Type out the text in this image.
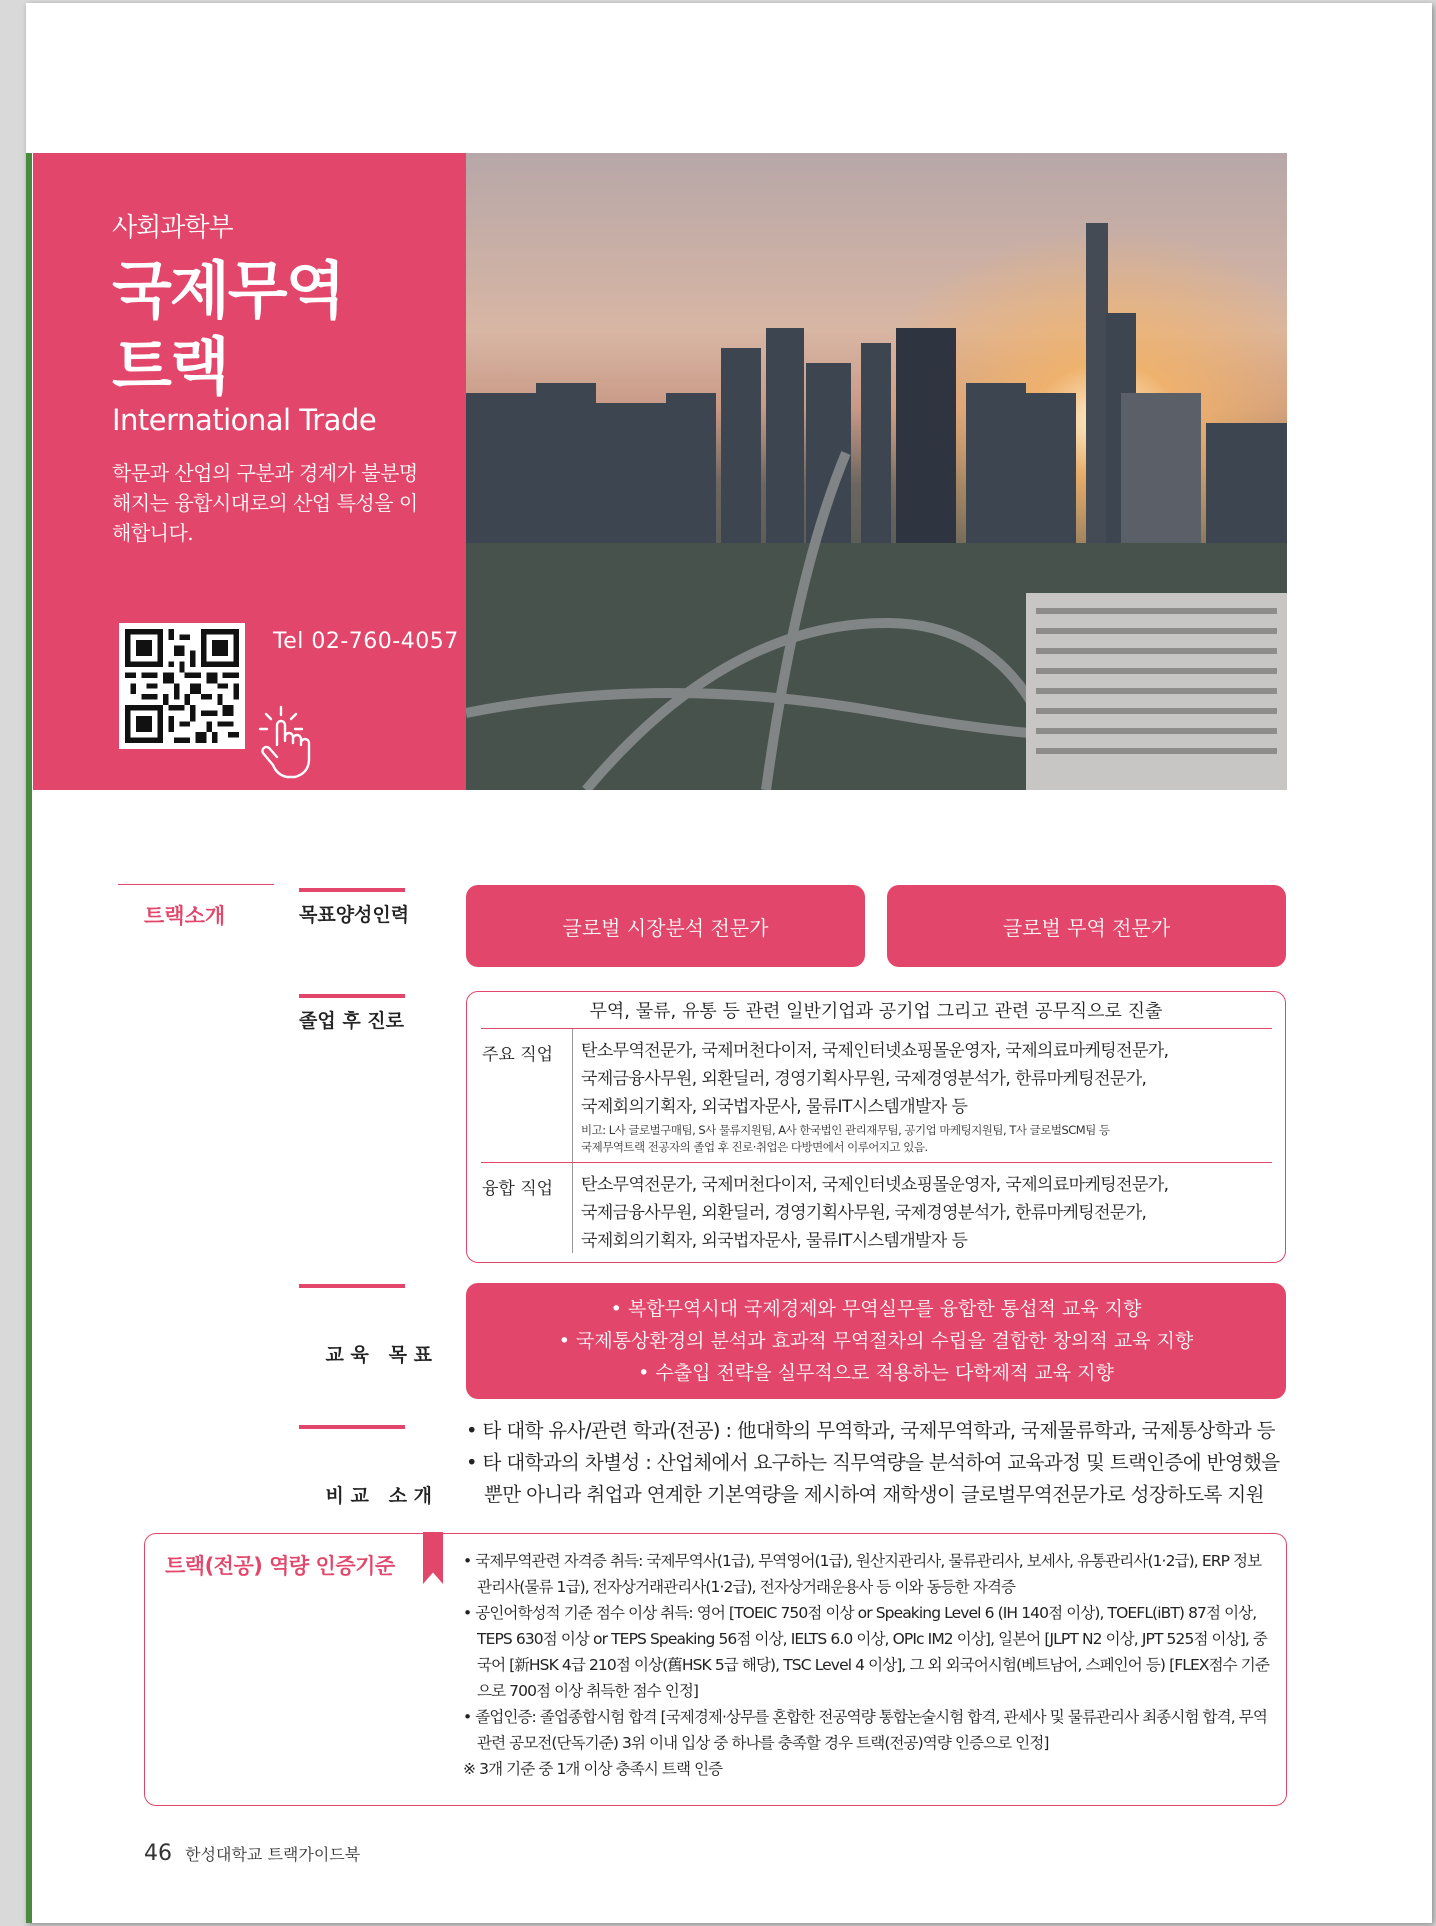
사회과학부
국제무역
트랙
International Trade
학문과 산업의 구분과 경계가 불분명해지는 융합시대로의 산업 특성을 이해합니다.
Tel 02-760-4057
트랙소개	목표양성인력
글로벌 시장분석 전문가	글로벌 무역 전문가
졸업 후 진로	무역, 물류, 유통 등 관련 일반기업과 공기업 그리고 관련 공무직으로 진출
주요 직업 탄소무역전문가, 국제머천다이저, 국제인터넷쇼핑몰운영자, 국제의료마케팅전문가,
국제금융사무원, 외환딜러, 경영기획사무원, 국제경영분석가, 한류마케팅전문가,
국제회의기획자, 외국법자문사, 물류IT시스템개발자 등
비고: L사 글로벌구매팀, S사 물류지원팀, A사 한국법인 관리재무팀, 공기업 마케팅지원팀, T사 글로벌SCM팀 등
국제무역트랙 전공자의 졸업 후 진로·취업은 다방면에서 이루어지고 있음.
융합 직업 탄소무역전문가, 국제머천다이저, 국제인터넷쇼핑몰운영자, 국제의료마케팅전문가,
국제금융사무원, 외환딜러, 경영기획사무원, 국제경영분석가, 한류마케팅전문가,
국제회의기획자, 외국법자문사, 물류IT시스템개발자 등

교 육   목 표

• 복합무역시대 국제경제와 무역실무를 융합한 통섭적 교육 지향
• 국제통상환경의 분석과 효과적 무역절차의 수립을 결합한 창의적 교육 지향
• 수출입 전략을 실무적으로 적용하는 다학제적 교육 지향

비 교   소 개

• 타 대학 유사/관련 학과(전공) : 他대학의 무역학과, 국제무역학과, 국제물류학과, 국제통상학과 등
• 타 대학과의 차별성 : 산업체에서 요구하는 직무역량을 분석하여 교육과정 및 트랙인증에 반영했을 뿐만 아니라 취업과 연계한 기본역량을 제시하여 재학생이 글로벌무역전문가로 성장하도록 지원
트랙(전공) 역량 인증기준	• 국제무역관련 자격증 취득: 국제무역사(1급), 무역영어(1급), 원산지관리사, 물류관리사, 보세사, 유통관리사(1·2급), ERP 정보관리사(물류 1급), 전자상거래관리사(1·2급), 전자상거래운용사 등 이와 동등한 자격증
• 공인어학성적 기준 점수 이상 취득: 영어 [TOEIC 750점 이상 or Speaking Level 6 (IH 140점 이상), TOEFL(iBT) 87점 이상, TEPS 630점 이상 or TEPS Speaking 56점 이상, IELTS 6.0 이상, OPIc IM2 이상], 일본어 [JLPT N2 이상, JPT 525점 이상], 중국어 [新HSK 4급 210점 이상(舊HSK 5급 해당), TSC Level 4 이상], 그 외 외국어시험(베트남어, 스페인어 등) [FLEX점수 기준으로 700점 이상 취득한 점수 인정]
• 졸업인증: 졸업종합시험 합격 [국제경제·상무를 혼합한 전공역량 통합논술시험 합격, 관세사 및 물류관리사 최종시험 합격, 무역관련 공모전(단독기준) 3위 이내 입상 중 하나를 충족할 경우 트랙(전공)역량 인증으로 인정]
※ 3개 기준 중 1개 이상 충족시 트랙 인증
46 한성대학교 트랙가이드북
